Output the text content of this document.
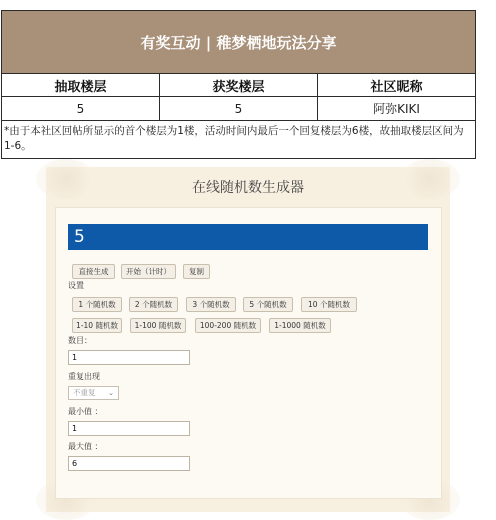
有奖互动 | 稚梦栖地玩法分享
抽取楼层	获奖楼层	社区昵称
5	5	阿弥KIKI
*由于本社区回帖所显示的首个楼层为1楼，活动时间内最后一个回复楼层为6楼，故抽取楼层区间为1-6。
在线随机数生成器
5
直接生成	开始（计时）	复制
设置
1 个随机数	2 个随机数	3 个随机数	5 个随机数	10 个随机数
1-10 随机数	1-100 随机数	100-200 随机数	1-1000 随机数
数目：
1
重复出现
不重复 ⌄
最小值 ：
1
最大值 ：
6
